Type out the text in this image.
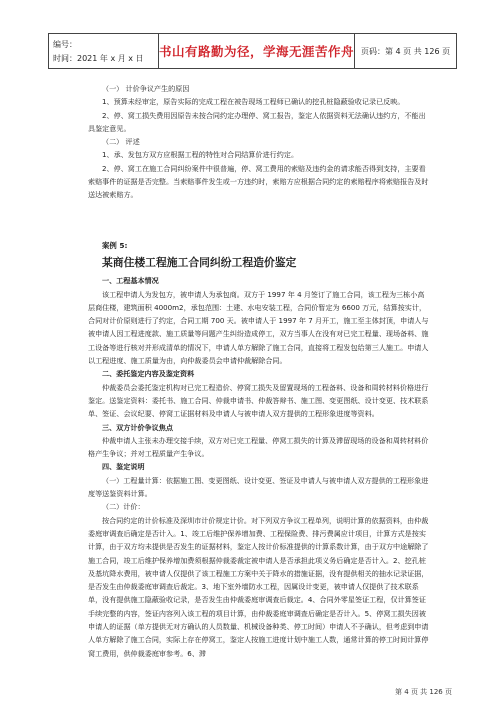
编号：
时间：2021 年 x 月 x 日	书山有路勤为径，学海无涯苦作舟 页码：第 4 页 共 126 页

（一） 计价争议产生的原因

1、预算未经审定，原告实际的完成工程在被告现场工程师已确认的挖孔桩隐蔽验收记录已反映。

2、停、窝工损失费用因原告未按合同约定办理停、窝工报告，鉴定人依据资料无法确认违约方，不能出具鉴定意见。

（二） 评述

1、承、发包方双方应根据工程的特性对合同结算价进行约定。

2、停、窝工在施工合同纠纷案件中很普遍，停、窝工费用的索赔及违约金的请求能否得到支持，主要看索赔事件的证据是否完整。当索赔事件发生或一方违约时，索赔方应根据合同约定的索赔程序将索赔报告及时送达被索赔方。

案例 5:

某商住楼工程施工合同纠纷工程造价鉴定

一、工程基本情况

该工程申请人为发包方，被申请人为承包商。双方于 1997 年 4 月签订了施工合同，该工程为三栋小高层商住楼，建筑面积 4000m2，承包范围：土建、水电安装工程，合同价暂定为 6600 万元，结算按实计，合同对计价原则进行了约定，合同工期 700 天。被申请人于 1997 年 7 月开工，施工至主体封顶，申请人与被申请人因工程进度款、施工质量等问题产生纠纷造成停工，双方当事人在没有对已完工程量、现场备料、施工设备等进行核对并形成清单的情况下，申请人单方解除了施工合同，直接将工程发包给第三人施工。申请人以工程进度、施工质量为由，向仲裁委员会申请仲裁解除合同。

二、委托鉴定内容及鉴定资料

仲裁委员会委托鉴定机构对已完工程造价、停窝工损失及留置现场的工程备料、设备和周转材料价格进行鉴定。送鉴定资料：委托书、施工合同、仲裁申请书、仲裁答辩书、施工图、变更图纸、设计变更、技术联系单、签证、会议纪要、停窝工证据材料及申请人与被申请人双方提供的工程形象进度等资料。

三、双方计价争议焦点

仲裁申请人主张未办理交接手续，双方对已完工程量、停窝工损失的计算及滞留现场的设备和周转材料价格产生争议；并对工程质量产生争议。

四、鉴定说明

（一）工程量计算：依据施工图、变更图纸、设计变更、签证及申请人与被申请人双方提供的工程形象进度等送鉴资料计算。

（二）计价：

按合同约定的计价标准及深圳市计价规定计价。对下列双方争议工程单列，说明计算的依据资料，由仲裁委庭审调查后确定是否计入。1、竣工后维护保养增加费、工程保险费、排污费属应计项目，计算方式是按实计算，由于双方均未提供是否发生的证据材料，鉴定人按计价标准提供的计算系数计算，由于双方中途解除了施工合同，竣工后维护保养增加费须根据仲裁委裁定被申请人是否承担此项义务后确定是否计入。2、挖孔桩及基坑降水费用，被申请人仅提供了该工程施工方案中关于降水的措施证据，没有提供相关的抽水记录证据，是否发生由仲裁委庭审调查后裁定。3、地下室外墙防水工程，因属设计变更，被申请人仅提供了技术联系单，没有提供施工隐蔽验收记录，是否发生由仲裁委庭审调查后裁定。4、合同外零星签证工程，仅计算签证手续完整的内容，签证内容列入该工程的项目计算，由仲裁委庭审调查后确定是否计入。5、停窝工损失因被申请人的证据（单方提供无对方确认的人员数量、机械设备种类、停工时间）申请人不予确认，但考虑到申请人单方解除了施工合同，实际上存在停窝工，鉴定人按施工进度计划中施工人数，通常计算的停工时间计算停窝工费用，供仲裁委庭审参考。6、滞

第 4 页 共 126 页
